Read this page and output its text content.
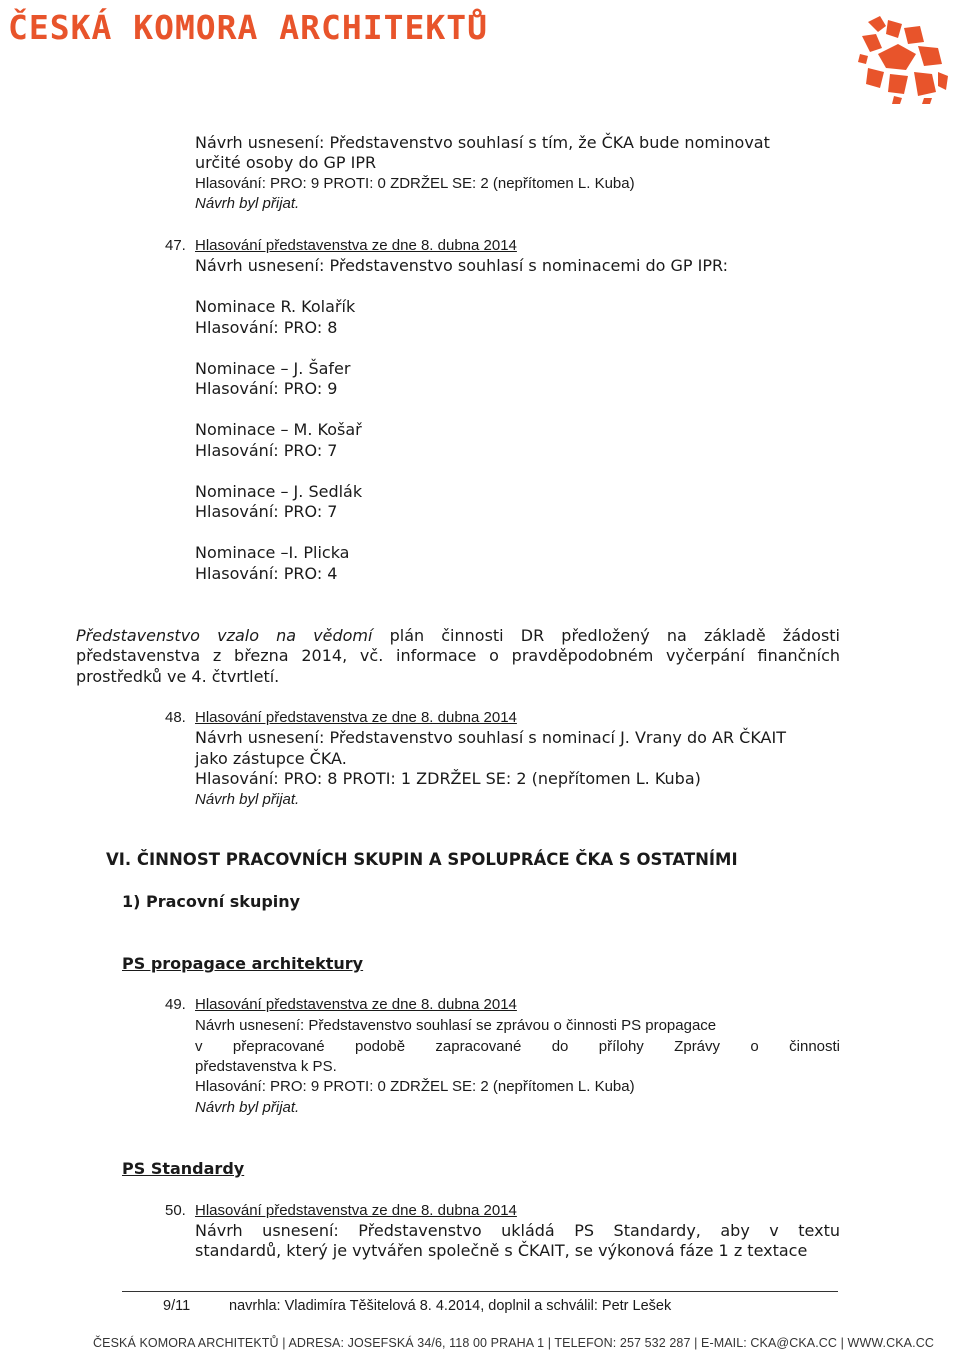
ČESKÁ KOMORA ARCHITEKTŮ
Návrh usnesení: Představenstvo souhlasí s tím, že ČKA bude nominovat
určité osoby do GP IPR
Hlasování: PRO: 9 PROTI: 0 ZDRŽEL SE: 2 (nepřítomen L. Kuba)
Návrh byl přijat.
47. Hlasování představenstva ze dne 8. dubna 2014
Návrh usnesení: Představenstvo souhlasí s nominacemi do GP IPR:
Nominace R. Kolařík
Hlasování: PRO: 8
Nominace – J. Šafer
Hlasování: PRO: 9
Nominace – M. Košař
Hlasování: PRO: 7
Nominace – J. Sedlák
Hlasování: PRO: 7
Nominace –I. Plicka
Hlasování: PRO: 4
Představenstvo vzalo na vědomí plán činnosti DR předložený na základě žádosti
představenstva z března 2014, vč. informace o pravděpodobném vyčerpání finančních
prostředků ve 4. čtvrtletí.
48. Hlasování představenstva ze dne 8. dubna 2014
Návrh usnesení: Představenstvo souhlasí s nominací J. Vrany do AR ČKAIT
jako zástupce ČKA.
Hlasování: PRO: 8 PROTI: 1 ZDRŽEL SE: 2 (nepřítomen L. Kuba)
Návrh byl přijat.
VI. ČINNOST PRACOVNÍCH SKUPIN A SPOLUPRÁCE ČKA S OSTATNÍMI
1) Pracovní skupiny
PS propagace architektury
49. Hlasování představenstva ze dne 8. dubna 2014
Návrh usnesení: Představenstvo souhlasí se zprávou o činnosti PS propagace
v přepracované podobě zapracované do přílohy Zprávy o činnosti
představenstva k PS.
Hlasování: PRO: 9 PROTI: 0 ZDRŽEL SE: 2 (nepřítomen L. Kuba)
Návrh byl přijat.
PS Standardy
50. Hlasování představenstva ze dne 8. dubna 2014
Návrh usnesení: Představenstvo ukládá PS Standardy, aby v textu
standardů, který je vytvářen společně s ČKAIT, se výkonová fáze 1 z textace
9/11	navrhla: Vladimíra Těšitelová 8. 4.2014, doplnil a schválil: Petr Lešek
ČESKÁ KOMORA ARCHITEKTŮ | ADRESA: JOSEFSKÁ 34/6, 118 00 PRAHA 1 | TELEFON: 257 532 287 | E-MAIL: CKA@CKA.CC | WWW.CKA.CC
